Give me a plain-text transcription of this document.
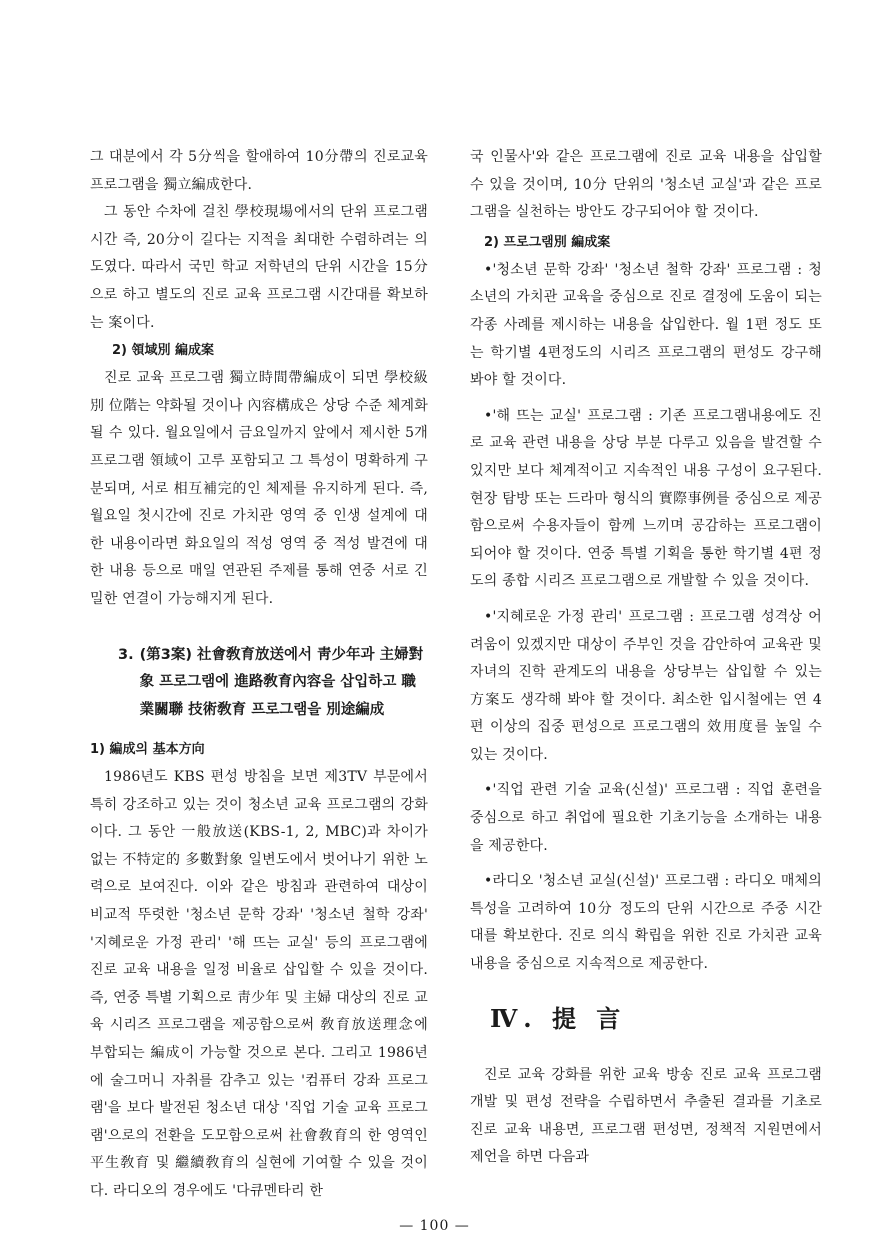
그 대분에서 각 5分씩을 할애하여 10分帶의 진로교육 프로그램을 獨立編成한다.

그 동안 수차에 걸친 學校現場에서의 단위 프로그램 시간 즉, 20分이 길다는 지적을 최대한 수렴하려는 의도였다. 따라서 국민 학교 저학년의 단위 시간을 15分으로 하고 별도의 진로 교육 프로그램 시간대를 확보하는 案이다.

2) 領域別 編成案

진로 교육 프로그램 獨立時間帶編成이 되면 學校級別 位階는 약화될 것이나 內容構成은 상당 수준 체계화될 수 있다. 월요일에서 금요일까지 앞에서 제시한 5개프로그램 領域이 고루 포함되고 그 특성이 명확하게 구분되며, 서로 相互補完的인 체제를 유지하게 된다. 즉, 월요일 첫시간에 진로 가치관 영역 중 인생 설계에 대한 내용이라면 화요일의 적성 영역 중 적성 발견에 대한 내용 등으로 매일 연관된 주제를 통해 연중 서로 긴밀한 연결이 가능해지게 된다.

3. (第3案) 社會敎育放送에서 靑少年과 主婦對象 프로그램에 進路敎育內容을 삽입하고 職業關聯 技術敎育 프로그램을 別途編成
1) 編成의 基本方向

1986년도 KBS 편성 방침을 보면 제3TV 부문에서 특히 강조하고 있는 것이 청소년 교육 프로그램의 강화이다. 그 동안 一般放送(KBS-1, 2, MBC)과 차이가 없는 不特定的 多數對象 일변도에서 벗어나기 위한 노력으로 보여진다. 이와 같은 방침과 관련하여 대상이 비교적 뚜렷한 '청소년 문학 강좌' '청소년 철학 강좌' '지혜로운 가정 관리' '해 뜨는 교실' 등의 프로그램에 진로 교육 내용을 일정 비율로 삽입할 수 있을 것이다. 즉, 연중 특별 기획으로 靑少年 및 主婦 대상의 진로 교육 시리즈 프로그램을 제공함으로써 敎育放送理念에 부합되는 編成이 가능할 것으로 본다. 그리고 1986년에 술그머니 자취를 감추고 있는 '컴퓨터 강좌 프로그램'을 보다 발전된 청소년 대상 '직업 기술 교육 프로그램'으로의 전환을 도모함으로써 社會敎育의 한 영역인 平生敎育 및 繼續敎育의 실현에 기여할 수 있을 것이다. 라디오의 경우에도 '다큐멘타리 한

국 인물사'와 같은 프로그램에 진로 교육 내용을 삽입할 수 있을 것이며, 10分 단위의 '청소년 교실'과 같은 프로그램을 실천하는 방안도 강구되어야 할 것이다.

2) 프로그램別 編成案

•'청소년 문학 강좌' '청소년 철학 강좌' 프로그램 : 청소년의 가치관 교육을 중심으로 진로 결정에 도움이 되는 각종 사례를 제시하는 내용을 삽입한다. 월 1편 정도 또는 학기별 4편정도의 시리즈 프로그램의 편성도 강구해 봐야 할 것이다.

•'해 뜨는 교실' 프로그램 : 기존 프로그램내용에도 진로 교육 관련 내용을 상당 부분 다루고 있음을 발견할 수 있지만 보다 체계적이고 지속적인 내용 구성이 요구된다. 현장 탐방 또는 드라마 형식의 實際事例를 중심으로 제공함으로써 수용자들이 함께 느끼며 공감하는 프로그램이 되어야 할 것이다. 연중 특별 기획을 통한 학기별 4편 정도의 종합 시리즈 프로그램으로 개발할 수 있을 것이다.

•'지혜로운 가정 관리' 프로그램 : 프로그램 성격상 어려움이 있겠지만 대상이 주부인 것을 감안하여 교육관 및 자녀의 진학 관계도의 내용을 상당부는 삽입할 수 있는 方案도 생각해 봐야 할 것이다. 최소한 입시철에는 연 4편 이상의 집중 편성으로 프로그램의 效用度를 높일 수 있는 것이다.

•'직업 관련 기술 교육(신설)' 프로그램 : 직업 훈련을 중심으로 하고 취업에 필요한 기초기능을 소개하는 내용을 제공한다.

•라디오 '청소년 교실(신설)' 프로그램 : 라디오 매체의 특성을 고려하여 10分 정도의 단위 시간으로 주중 시간대를 확보한다. 진로 의식 확립을 위한 진로 가치관 교육 내용을 중심으로 지속적으로 제공한다.

Ⅳ. 提 言

진로 교육 강화를 위한 교육 방송 진로 교육 프로그램 개발 및 편성 전략을 수립하면서 추출된 결과를 기초로 진로 교육 내용면, 프로그램 편성면, 정책적 지원면에서 제언을 하면 다음과

— 100 —
